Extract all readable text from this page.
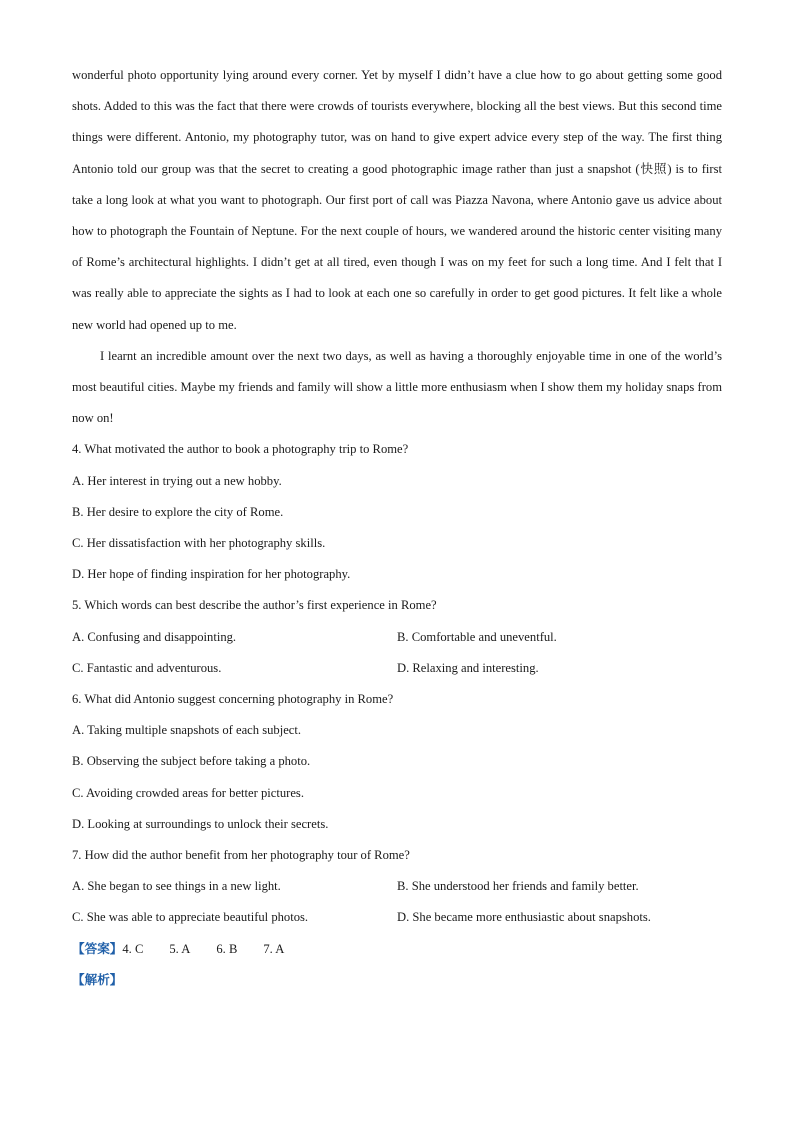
wonderful photo opportunity lying around every corner. Yet by myself I didn’t have a clue how to go about getting some good shots. Added to this was the fact that there were crowds of tourists everywhere, blocking all the best views. But this second time things were different. Antonio, my photography tutor, was on hand to give expert advice every step of the way. The first thing Antonio told our group was that the secret to creating a good photographic image rather than just a snapshot (快照) is to first take a long look at what you want to photograph. Our first port of call was Piazza Navona, where Antonio gave us advice about how to photograph the Fountain of Neptune. For the next couple of hours, we wandered around the historic center visiting many of Rome’s architectural highlights. I didn’t get at all tired, even though I was on my feet for such a long time. And I felt that I was really able to appreciate the sights as I had to look at each one so carefully in order to get good pictures. It felt like a whole new world had opened up to me.

I learnt an incredible amount over the next two days, as well as having a thoroughly enjoyable time in one of the world’s most beautiful cities. Maybe my friends and family will show a little more enthusiasm when I show them my holiday snaps from now on!

4. What motivated the author to book a photography trip to Rome?

A. Her interest in trying out a new hobby.

B. Her desire to explore the city of Rome.

C. Her dissatisfaction with her photography skills.

D. Her hope of finding inspiration for her photography.

5. Which words can best describe the author’s first experience in Rome?

A. Confusing and disappointing.	B. Comfortable and uneventful.

C. Fantastic and adventurous.	D. Relaxing and interesting.

6. What did Antonio suggest concerning photography in Rome?

A. Taking multiple snapshots of each subject.

B. Observing the subject before taking a photo.

C. Avoiding crowded areas for better pictures.

D. Looking at surroundings to unlock their secrets.

7. How did the author benefit from her photography tour of Rome?

A. She began to see things in a new light.	B. She understood her friends and family better.

C. She was able to appreciate beautiful photos.	D. She became more enthusiastic about snapshots.

【答案】4. C 5. A 6. B 7. A

【解析】
